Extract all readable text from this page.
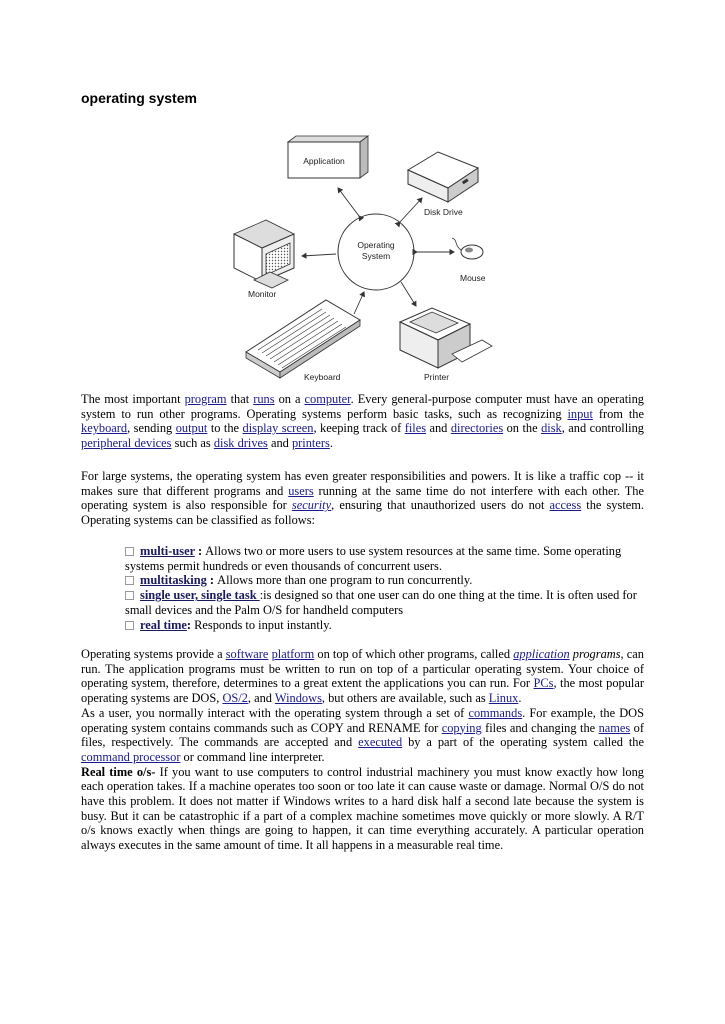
operating system
Operating
System
Application
Disk Drive
Mouse
Monitor
Keyboard	Printer

The most important program that runs on a computer. Every general-purpose computer must have an operating system to run other programs. Operating systems perform basic tasks, such as recognizing input from the keyboard, sending output to the display screen, keeping track of files and directories on the disk, and controlling peripheral devices such as disk drives and printers.

For large systems, the operating system has even greater responsibilities and powers. It is like a traffic cop -- it makes sure that different programs and users running at the same time do not interfere with each other. The operating system is also responsible for security, ensuring that unauthorized users do not access the system. Operating systems can be classified as follows:

multi-user : Allows two or more users to use system resources at the same time. Some operating systems permit hundreds or even thousands of concurrent users.

multitasking : Allows more than one program to run concurrently.

single user, single task :is designed so that one user can do one thing at the time. It is often used for small devices and the Palm O/S for handheld computers

real time: Responds to input instantly.

Operating systems provide a software platform on top of which other programs, called application programs, can run. The application programs must be written to run on top of a particular operating system. Your choice of operating system, therefore, determines to a great extent the applications you can run. For PCs, the most popular operating systems are DOS, OS/2, and Windows, but others are available, such as Linux.

As a user, you normally interact with the operating system through a set of commands. For example, the DOS operating system contains commands such as COPY and RENAME for copying files and changing the names of files, respectively. The commands are accepted and executed by a part of the operating system called the command processor or command line interpreter.

Real time o/s- If you want to use computers to control industrial machinery you must know exactly how long each operation takes. If a machine operates too soon or too late it can cause waste or damage. Normal O/S do not have this problem. It does not matter if Windows writes to a hard disk half a second late because the system is busy. But it can be catastrophic if a part of a complex machine sometimes move quickly or more slowly. A R/T o/s knows exactly when things are going to happen, it can time everything accurately. A particular operation always executes in the same amount of time. It all happens in a measurable real time.
